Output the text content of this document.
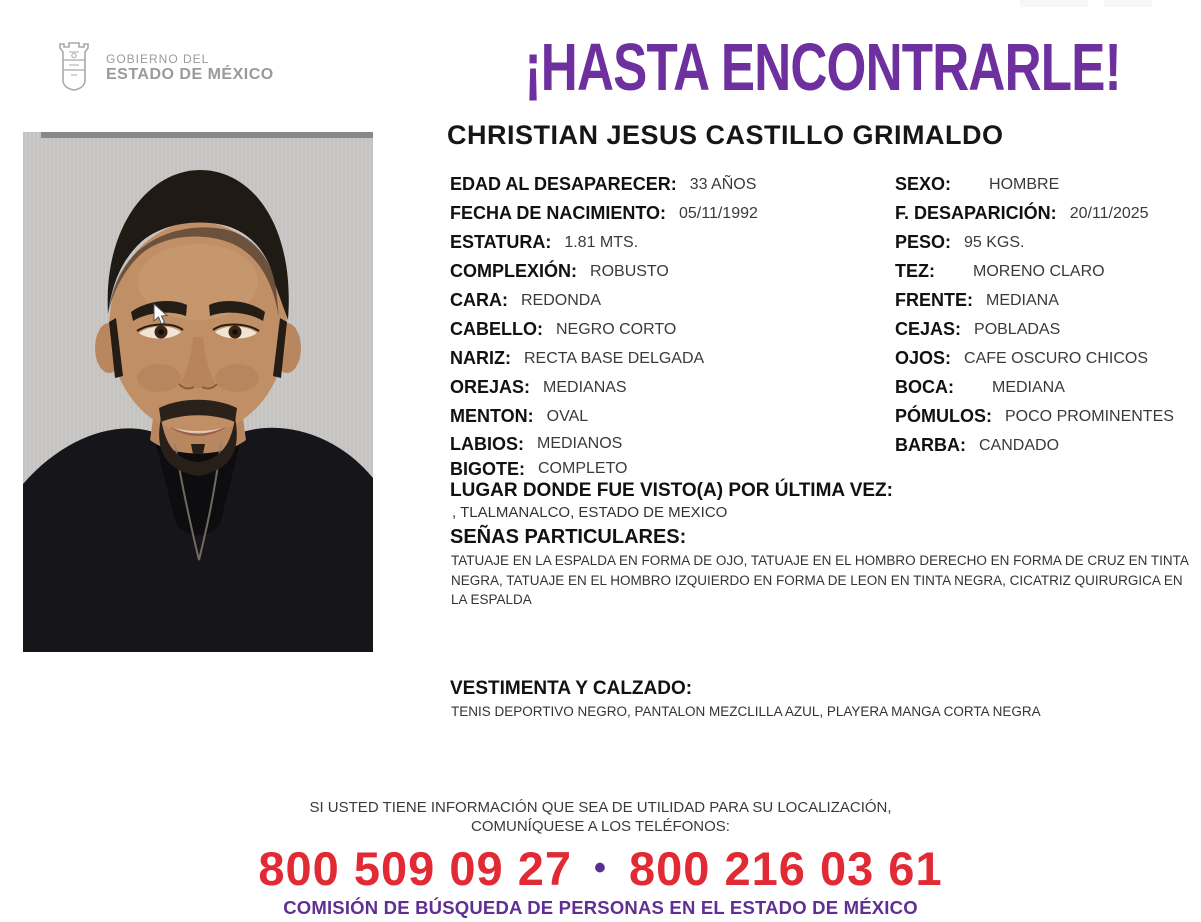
GOBIERNO DEL
ESTADO DE MÉXICO	¡HASTA ENCONTRARLE!
CHRISTIAN JESUS CASTILLO GRIMALDO
EDAD AL DESAPARECER: 33 AÑOS
FECHA DE NACIMIENTO: 05/11/1992
ESTATURA: 1.81 MTS.
COMPLEXIÓN: ROBUSTO
CARA: REDONDA
CABELLO: NEGRO CORTO
NARIZ: RECTA BASE DELGADA
OREJAS: MEDIANAS
MENTON: OVAL
LABIOS: MEDIANOS
BIGOTE: COMPLETO
SEXO: HOMBRE
F. DESAPARICIÓN: 20/11/2025
PESO: 95 KGS.
TEZ: MORENO CLARO
FRENTE: MEDIANA
CEJAS: POBLADAS
OJOS: CAFE OSCURO CHICOS
BOCA: MEDIANA
PÓMULOS: POCO PROMINENTES
BARBA: CANDADO
LUGAR DONDE FUE VISTO(A) POR ÚLTIMA VEZ:
, TLALMANALCO, ESTADO DE MEXICO
SEÑAS PARTICULARES:
TATUAJE EN LA ESPALDA EN FORMA DE OJO, TATUAJE EN EL HOMBRO DERECHO EN FORMA DE CRUZ EN TINTA NEGRA, TATUAJE EN EL HOMBRO IZQUIERDO EN FORMA DE LEON EN TINTA NEGRA, CICATRIZ QUIRURGICA EN LA ESPALDA
VESTIMENTA Y CALZADO:
TENIS DEPORTIVO NEGRO, PANTALON MEZCLILLA AZUL, PLAYERA MANGA CORTA NEGRA
SI USTED TIENE INFORMACIÓN QUE SEA DE UTILIDAD PARA SU LOCALIZACIÓN,
COMUNÍQUESE A LOS TELÉFONOS:
800 509 09 27 • 800 216 03 61
COMISIÓN DE BÚSQUEDA DE PERSONAS EN EL ESTADO DE MÉXICO
